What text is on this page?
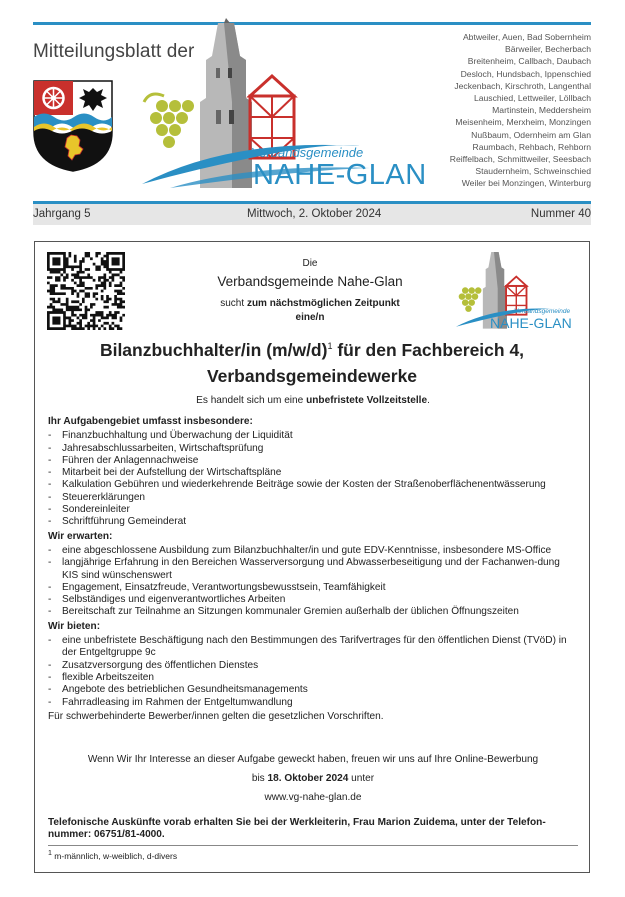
Mitteilungsblatt der
Verbandsgemeinde
NAHE-GLAN
Abtweiler, Auen, Bad Sobernheim
Bärweiler, Becherbach
Breitenheim, Callbach, Daubach
Desloch, Hundsbach, Ippenschied
Jeckenbach, Kirschroth, Langenthal
Lauschied, Lettweiler, Löllbach
Martinstein, Meddersheim
Meisenheim, Merxheim, Monzingen
Nußbaum, Odernheim am Glan
Raumbach, Rehbach, Rehborn
Reiffelbach, Schmittweiler, Seesbach
Staudernheim, Schweinschied
Weiler bei Monzingen, Winterburg
Jahrgang 5	Mittwoch, 2. Oktober 2024	Nummer 40
Die
Verbandsgemeinde Nahe-Glan
sucht zum nächstmöglichen Zeitpunkt
eine/n
Verbandsgemeinde
NAHE-GLAN
Bilanzbuchhalter/in $(m/w/d)^1$ für den Fachbereich 4,
Verbandsgemeindewerke
Es handelt sich um eine unbefristete Vollzeitstelle.
Ihr Aufgabengebiet umfasst insbesondere:
- Finanzbuchhaltung und Überwachung der Liquidität
- Jahresabschlussarbeiten, Wirtschaftsprüfung
- Führen der Anlagennachweise
- Mitarbeit bei der Aufstellung der Wirtschaftspläne
- Kalkulation Gebühren und wiederkehrende Beiträge sowie der Kosten der Straßenoberflächenentwässerung
- Steuererklärungen
- Sondereinleiter
- Schriftführung Gemeinderat
Wir erwarten:
- eine abgeschlossene Ausbildung zum Bilanzbuchhalter/in und gute EDV-Kenntnisse, insbesondere MS-Office
- langjährige Erfahrung in den Bereichen Wasserversorgung und Abwasserbeseitigung und der Fachanwen-dung KIS sind wünschenswert
- Engagement, Einsatzfreude, Verantwortungsbewusstsein, Teamfähigkeit
- Selbständiges und eigenverantwortliches Arbeiten
- Bereitschaft zur Teilnahme an Sitzungen kommunaler Gremien außerhalb der üblichen Öffnungszeiten
Wir bieten:
- eine unbefristete Beschäftigung nach den Bestimmungen des Tarifvertrages für den öffentlichen Dienst (TVöD) in der Entgeltgruppe 9c
- Zusatzversorgung des öffentlichen Dienstes
- flexible Arbeitszeiten
- Angebote des betrieblichen Gesundheitsmanagements
- Fahrradleasing im Rahmen der Entgeltumwandlung
Für schwerbehinderte Bewerber/innen gelten die gesetzlichen Vorschriften.
Wenn Wir Ihr Interesse an dieser Aufgabe geweckt haben, freuen wir uns auf Ihre Online-Bewerbung
bis 18. Oktober 2024 unter
www.vg-nahe-glan.de
Telefonische Auskünfte vorab erhalten Sie bei der Werkleiterin, Frau Marion Zuidema, unter der Telefon-nummer: 06751/81-4000.
$^1$ m-männlich, w-weiblich, d-divers
